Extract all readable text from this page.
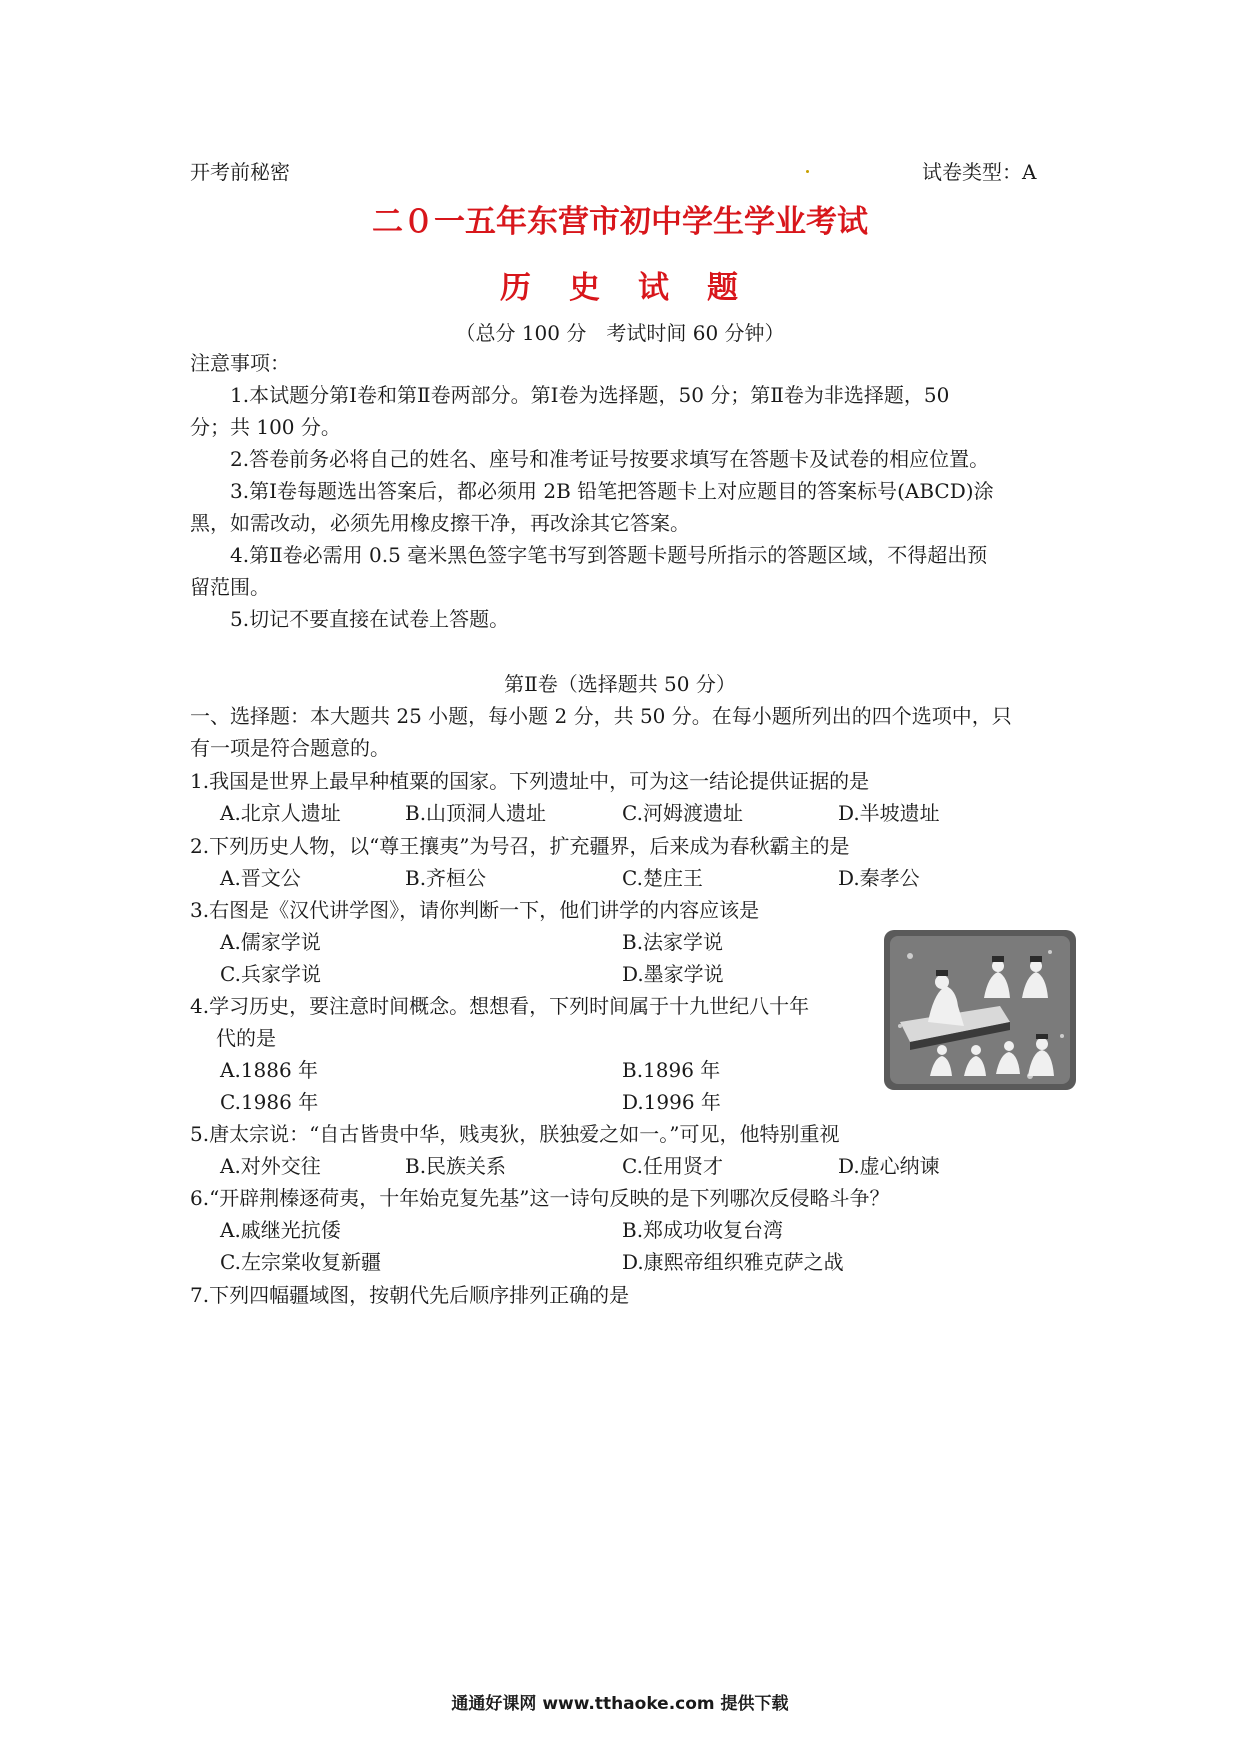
开考前秘密	试卷类型：A
二０一五年东营市初中学生学业考试
历 史 试 题
（总分 100 分　考试时间 60 分钟）
注意事项：
1.本试题分第Ⅰ卷和第Ⅱ卷两部分。第Ⅰ卷为选择题，50 分；第Ⅱ卷为非选择题，50
分；共 100 分。
2.答卷前务必将自己的姓名、座号和准考证号按要求填写在答题卡及试卷的相应位置。
3.第Ⅰ卷每题选出答案后，都必须用 2B 铅笔把答题卡上对应题目的答案标号(ABCD)涂
黑，如需改动，必须先用橡皮擦干净，再改涂其它答案。
4.第Ⅱ卷必需用 0.5 毫米黑色签字笔书写到答题卡题号所指示的答题区域，不得超出预
留范围。
5.切记不要直接在试卷上答题。
第Ⅱ卷（选择题共 50 分）
一、选择题：本大题共 25 小题，每小题 2 分，共 50 分。在每小题所列出的四个选项中，只
有一项是符合题意的。
1.我国是世界上最早种植粟的国家。下列遗址中，可为这一结论提供证据的是
A.北京人遗址	B.山顶洞人遗址	C.河姆渡遗址	D.半坡遗址
2.下列历史人物，以“尊王攘夷”为号召，扩充疆界，后来成为春秋霸主的是
A.晋文公	B.齐桓公	C.楚庄王	D.秦孝公
3.右图是《汉代讲学图》，请你判断一下，他们讲学的内容应该是
A.儒家学说	B.法家学说
C.兵家学说	D.墨家学说
4.学习历史，要注意时间概念。想想看，下列时间属于十九世纪八十年
代的是
A.1886 年	B.1896 年
C.1986 年	D.1996 年
5.唐太宗说：“自古皆贵中华，贱夷狄，朕独爱之如一。”可见，他特别重视
A.对外交往	B.民族关系	C.任用贤才	D.虚心纳谏
6.“开辟荆榛逐荷夷，十年始克复先基”这一诗句反映的是下列哪次反侵略斗争？
A.戚继光抗倭	B.郑成功收复台湾
C.左宗棠收复新疆	D.康熙帝组织雅克萨之战
7.下列四幅疆域图，按朝代先后顺序排列正确的是
通通好课网 www.tthaoke.com 提供下载
